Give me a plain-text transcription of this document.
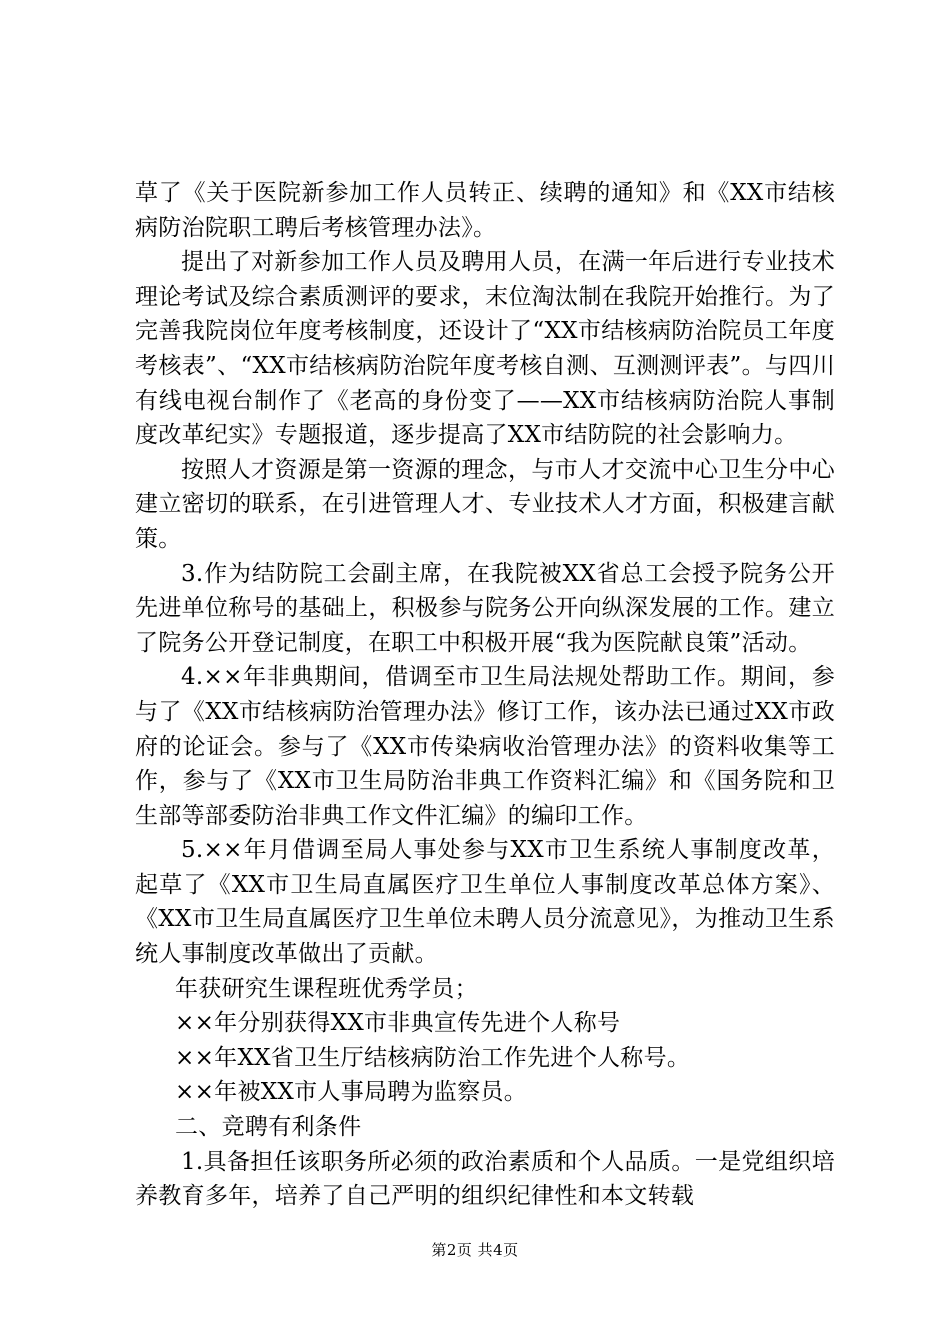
草了《关于医院新参加工作人员转正、续聘的通知》和《XX市结核病防治院职工聘后考核管理办法》。

提出了对新参加工作人员及聘用人员，在满一年后进行专业技术理论考试及综合素质测评的要求，末位淘汰制在我院开始推行。为了完善我院岗位年度考核制度，还设计了“XX市结核病防治院员工年度考核表”、“XX市结核病防治院年度考核自测、互测测评表”。与四川有线电视台制作了《老高的身份变了——XX市结核病防治院人事制度改革纪实》专题报道，逐步提高了XX市结防院的社会影响力。

按照人才资源是第一资源的理念，与市人才交流中心卫生分中心建立密切的联系，在引进管理人才、专业技术人才方面，积极建言献策。

3.作为结防院工会副主席，在我院被XX省总工会授予院务公开先进单位称号的基础上，积极参与院务公开向纵深发展的工作。建立了院务公开登记制度，在职工中积极开展“我为医院献良策”活动。

4.××年非典期间，借调至市卫生局法规处帮助工作。期间，参与了《XX市结核病防治管理办法》修订工作，该办法已通过XX市政府的论证会。参与了《XX市传染病收治管理办法》的资料收集等工作，参与了《XX市卫生局防治非典工作资料汇编》和《国务院和卫生部等部委防治非典工作文件汇编》的编印工作。

5.××年月借调至局人事处参与XX市卫生系统人事制度改革，起草了《XX市卫生局直属医疗卫生单位人事制度改革总体方案》、《XX市卫生局直属医疗卫生单位未聘人员分流意见》，为推动卫生系统人事制度改革做出了贡献。

年获研究生课程班优秀学员；

××年分别获得XX市非典宣传先进个人称号

××年XX省卫生厅结核病防治工作先进个人称号。

××年被XX市人事局聘为监察员。

二、竞聘有利条件

1.具备担任该职务所必须的政治素质和个人品质。一是党组织培养教育多年，培养了自己严明的组织纪律性和本文转载

第2页 共4页
